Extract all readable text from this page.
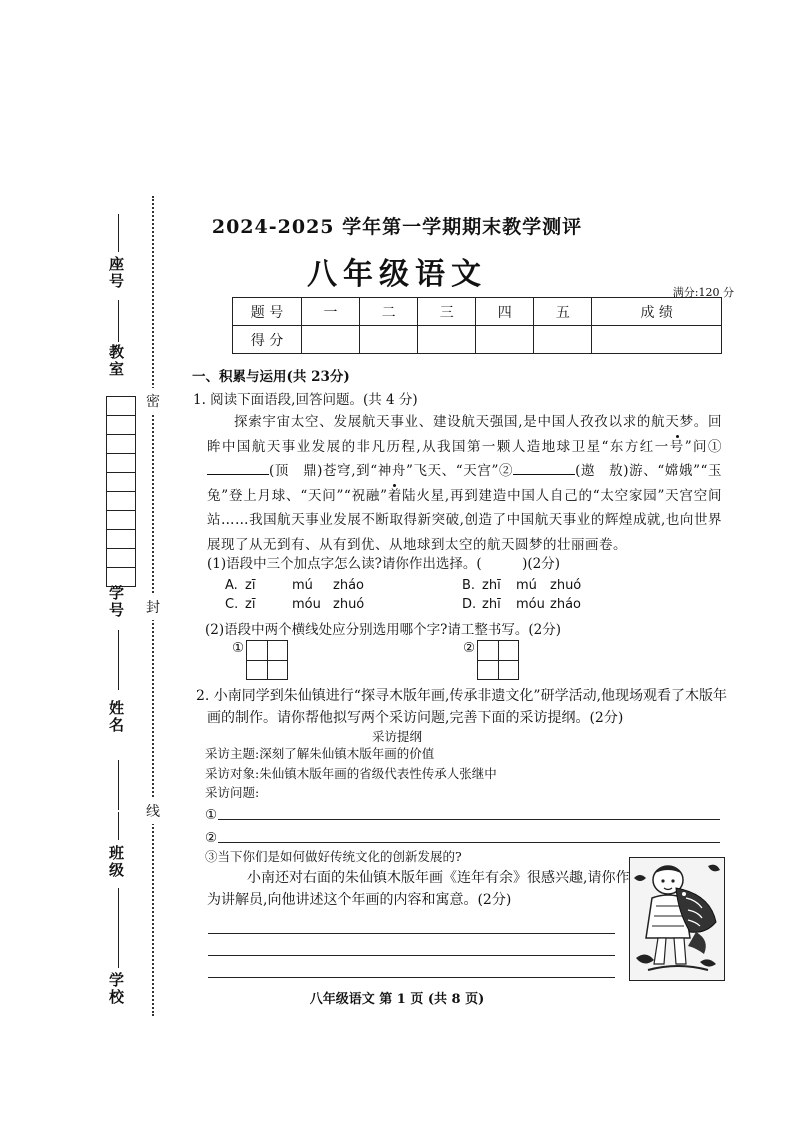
座号
教室
学号
姓名
班级
学校
密
封
线
2024-2025 学年第一学期期末教学测评
八年级语文
满分:120 分
题 号	一	二	三	四	五	成 绩
得 分						
一、积累与运用(共 23分)
1. 阅读下面语段,回答问题。(共 4 分)
探索宇宙太空、发展航天事业、建设航天强国,是中国人孜孜以求的航天梦。回眸中国航天事业发展的非凡历程,从我国第一颗人造地球卫星“东方红一号”问①(顶　鼎)苍穹,到“神舟”飞天、“天宫”②	(遨　敖)游、“嫦娥”“玉兔”登上月球、“天问”“祝融”着陆火星,再到建造中国人自己的“太空家园”天宫空间站……我国航天事业发展不断取得新突破,创造了中国航天事业的辉煌成就,也向世界展现了从无到有、从有到优、从地球到太空的航天圆梦的壮丽画卷。
(1)语段中三个加点字怎么读?请你作出选择。(　　　)(2分)
A. zī	mú zháo	B. zhī mú zhuó
C. zī	móu zhuó	D. zhī móu zháo
(2)语段中两个横线处应分别选用哪个字?请工整书写。(2分)
①	②
2. 小南同学到朱仙镇进行“探寻木版年画,传承非遗文化”研学活动,他现场观看了木版年
画的制作。请你帮他拟写两个采访问题,完善下面的采访提纲。(2分)
采访提纲
采访主题:深刻了解朱仙镇木版年画的价值
采访对象:朱仙镇木版年画的省级代表性传承人张继中
采访问题:
①
②
③当下你们是如何做好传统文化的创新发展的?
小南还对右面的朱仙镇木版年画《连年有余》很感兴趣,请你作
为讲解员,向他讲述这个年画的内容和寓意。(2分)
八年级语文 第 1 页 (共 8 页)
